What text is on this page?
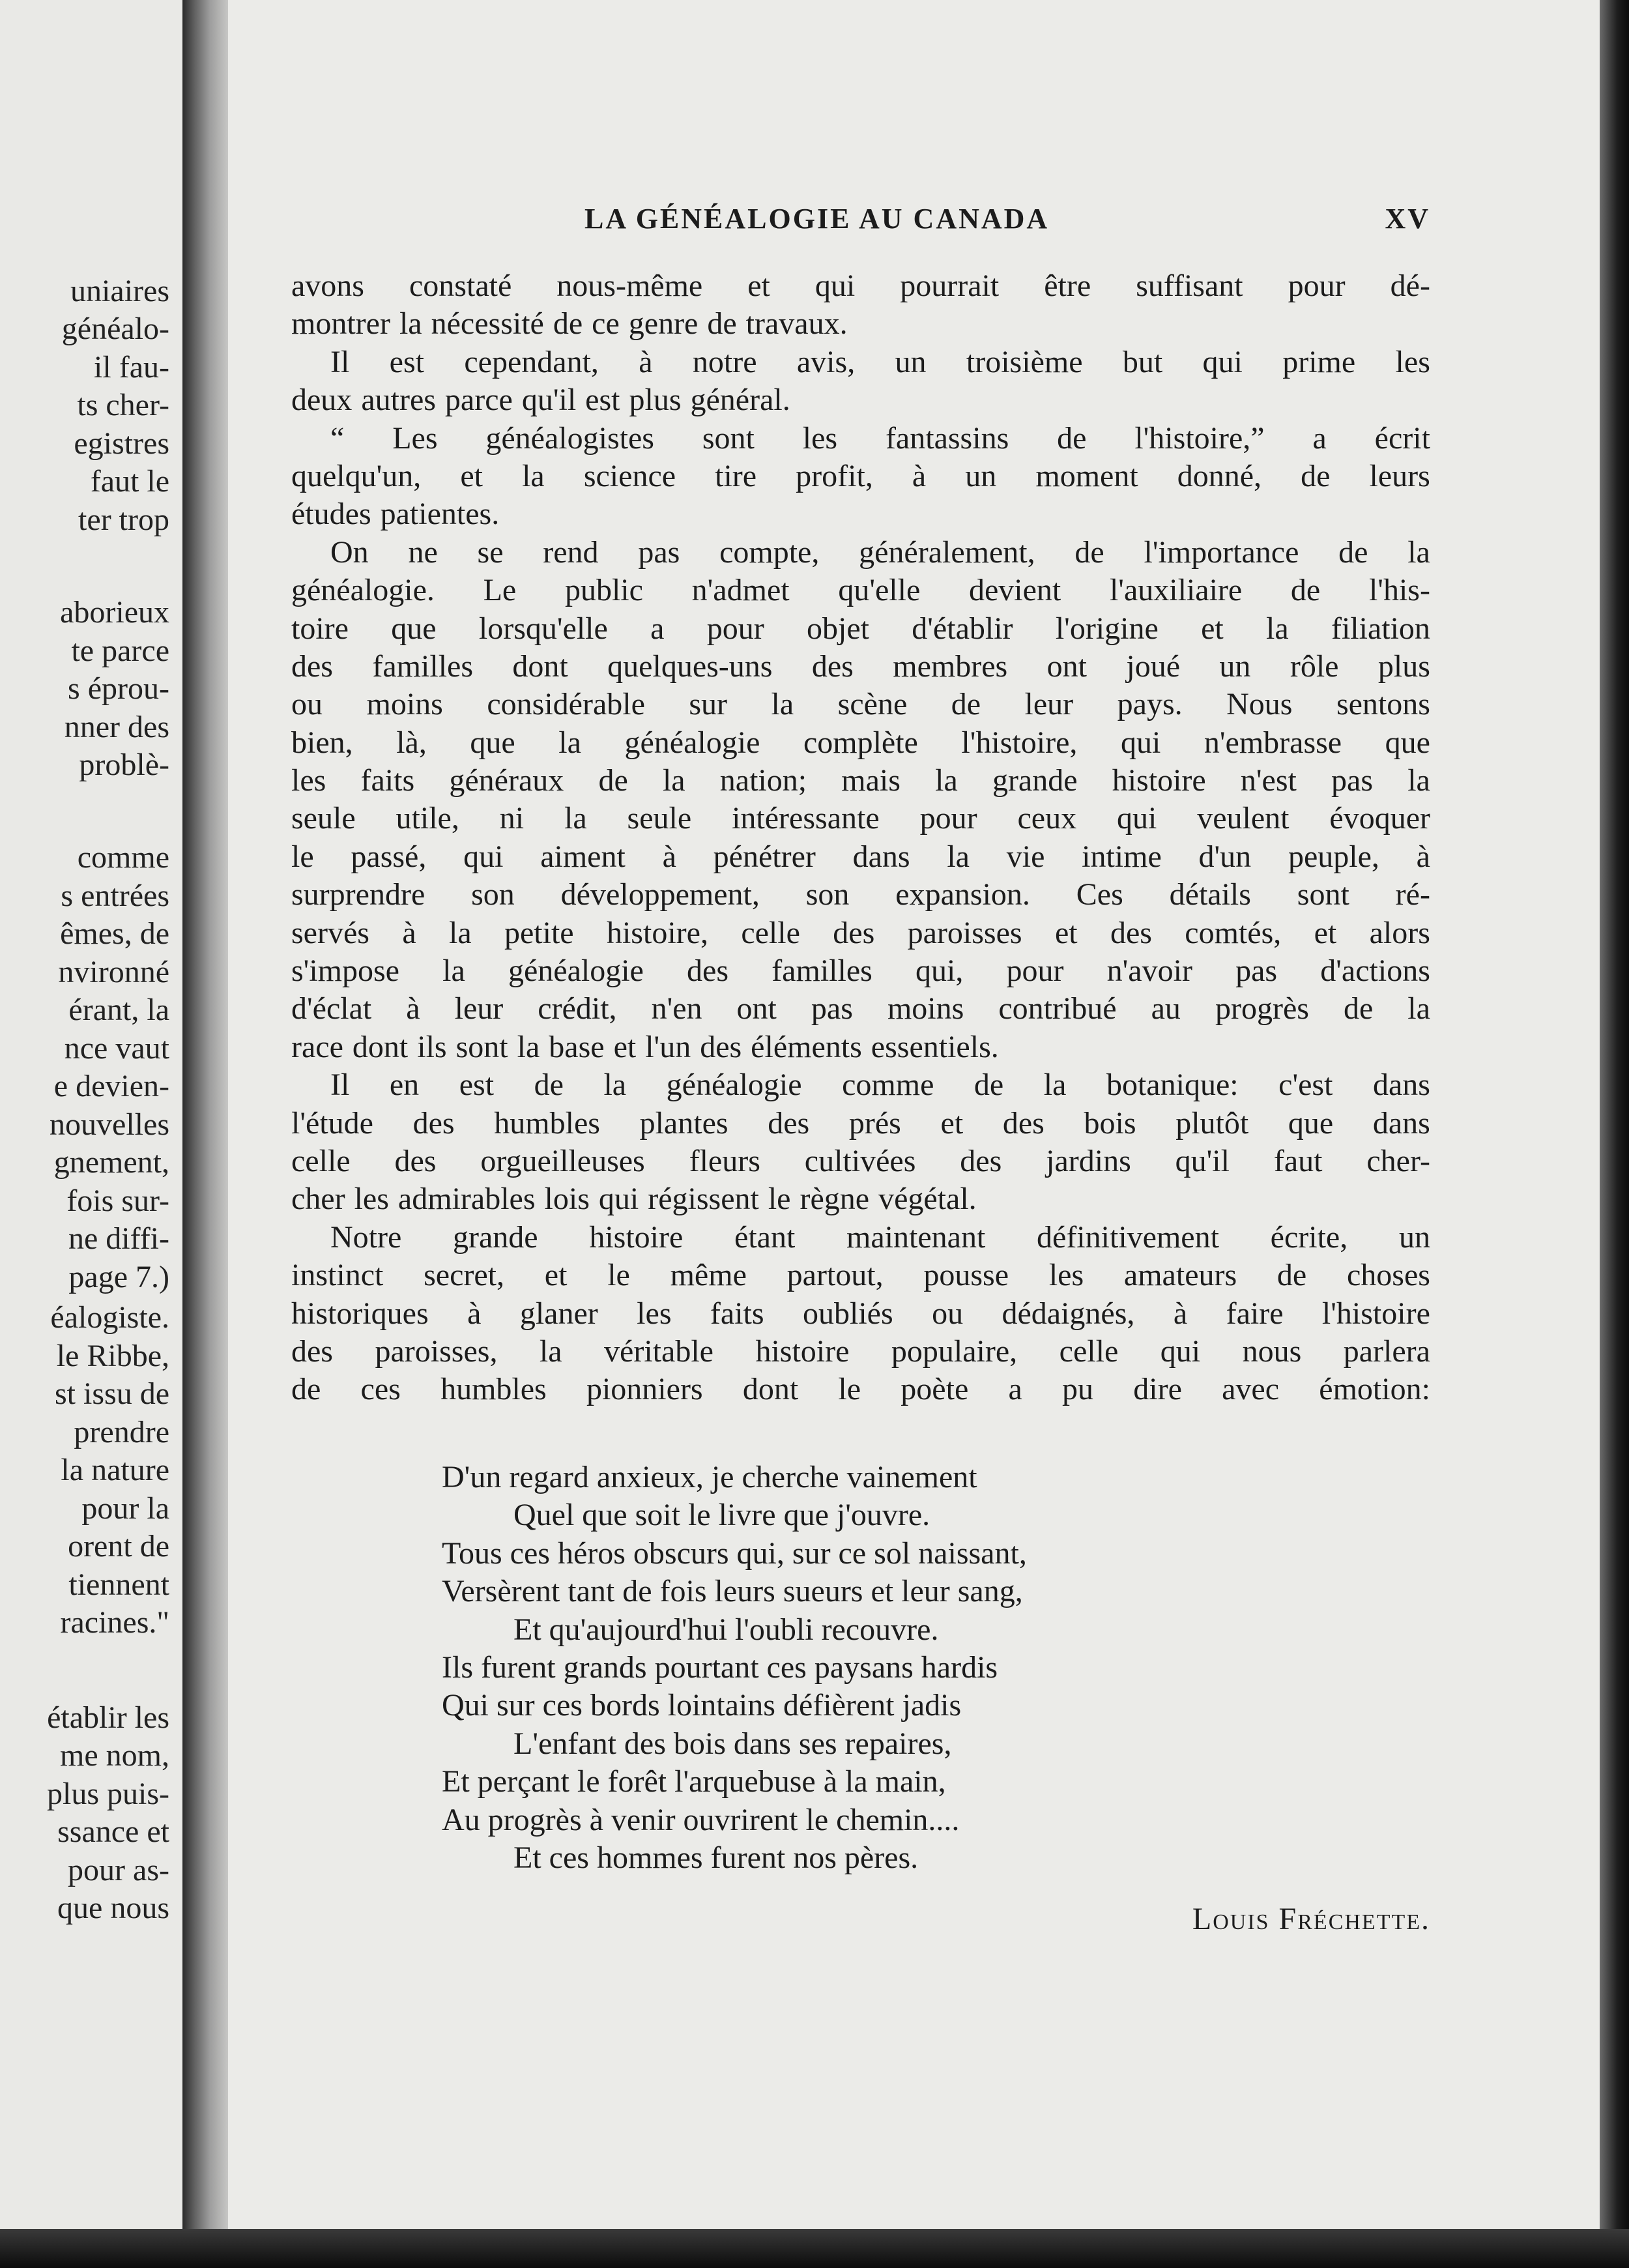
uniaires
généalo-
il fau-
ts cher-
egistres
faut le
ter trop
aborieux
te parce
s éprou-
nner des
problè-
comme
s entrées
êmes, de
nvironné
érant, la
nce vaut
e devien-
nouvelles
gnement,
fois sur-
ne diffi-
page 7.)
éalogiste.
le Ribbe,
st issu de
prendre
la nature
pour la
orent de
tiennent
racines."
établir les
me nom,
plus puis-
ssance et
pour as-
que nous
LA GÉNÉALOGIE AU CANADA	XV
avons constaté nous-même et qui pourrait être suffisant pour dé-
montrer la nécessité de ce genre de travaux.
Il est cependant, à notre avis, un troisième but qui prime les
deux autres parce qu'il est plus général.
“ Les généalogistes sont les fantassins de l'histoire,” a écrit
quelqu'un, et la science tire profit, à un moment donné, de leurs
études patientes.
On ne se rend pas compte, généralement, de l'importance de la
généalogie. Le public n'admet qu'elle devient l'auxiliaire de l'his-
toire que lorsqu'elle a pour objet d'établir l'origine et la filiation
des familles dont quelques-uns des membres ont joué un rôle plus
ou moins considérable sur la scène de leur pays. Nous sentons
bien, là, que la généalogie complète l'histoire, qui n'embrasse que
les faits généraux de la nation; mais la grande histoire n'est pas la
seule utile, ni la seule intéressante pour ceux qui veulent évoquer
le passé, qui aiment à pénétrer dans la vie intime d'un peuple, à
surprendre son développement, son expansion. Ces détails sont ré-
servés à la petite histoire, celle des paroisses et des comtés, et alors
s'impose la généalogie des familles qui, pour n'avoir pas d'actions
d'éclat à leur crédit, n'en ont pas moins contribué au progrès de la
race dont ils sont la base et l'un des éléments essentiels.
Il en est de la généalogie comme de la botanique: c'est dans
l'étude des humbles plantes des prés et des bois plutôt que dans
celle des orgueilleuses fleurs cultivées des jardins qu'il faut cher-
cher les admirables lois qui régissent le règne végétal.
Notre grande histoire étant maintenant définitivement écrite, un
instinct secret, et le même partout, pousse les amateurs de choses
historiques à glaner les faits oubliés ou dédaignés, à faire l'histoire
des paroisses, la véritable histoire populaire, celle qui nous parlera
de ces humbles pionniers dont le poète a pu dire avec émotion:
D'un regard anxieux, je cherche vainement
Quel que soit le livre que j'ouvre.
Tous ces héros obscurs qui, sur ce sol naissant,
Versèrent tant de fois leurs sueurs et leur sang,
Et qu'aujourd'hui l'oubli recouvre.
Ils furent grands pourtant ces paysans hardis
Qui sur ces bords lointains défièrent jadis
L'enfant des bois dans ses repaires,
Et perçant le forêt l'arquebuse à la main,
Au progrès à venir ouvrirent le chemin....
Et ces hommes furent nos pères.
Louis Fréchette.
